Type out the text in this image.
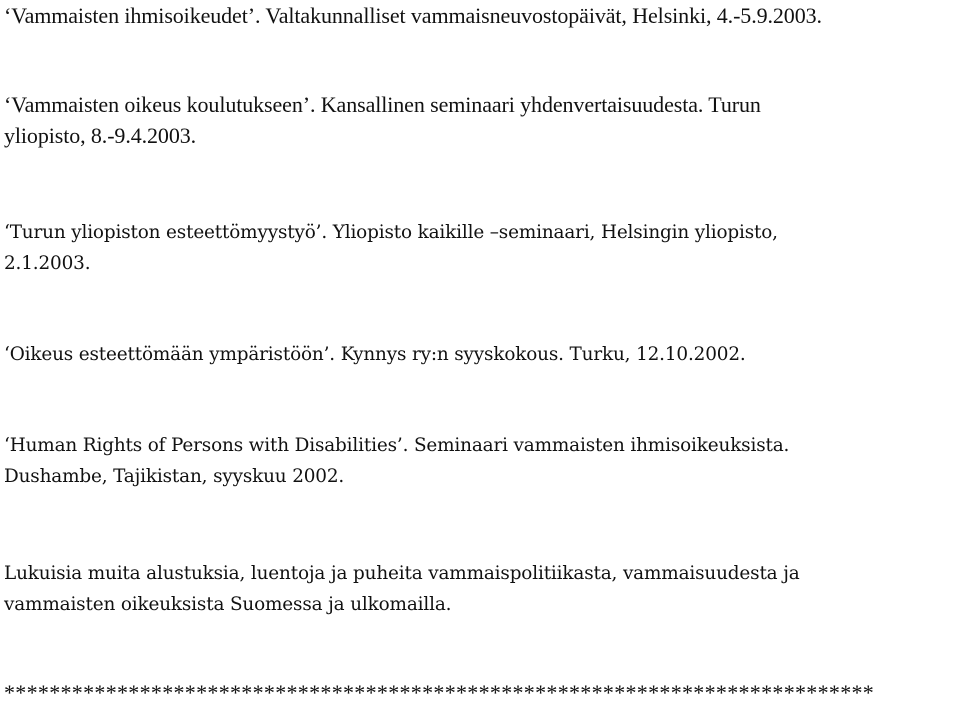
‘Vammaisten ihmisoikeudet’. Valtakunnalliset vammaisneuvostopäivät, Helsinki, 4.-5.9.2003.

‘Vammaisten oikeus koulutukseen’. Kansallinen seminaari yhdenvertaisuudesta. Turun
yliopisto, 8.-9.4.2003.

‘Turun yliopiston esteettömyystyö’. Yliopisto kaikille –seminaari, Helsingin yliopisto,
2.1.2003.

‘Oikeus esteettömään ympäristöön’. Kynnys ry:n syyskokous. Turku, 12.10.2002.

‘Human Rights of Persons with Disabilities’. Seminaari vammaisten ihmisoikeuksista.
Dushambe, Tajikistan, syyskuu 2002.

Lukuisia muita alustuksia, luentoja ja puheita vammaispolitiikasta, vammaisuudesta ja
vammaisten oikeuksista Suomessa ja ulkomailla.

*****************************************************************************
